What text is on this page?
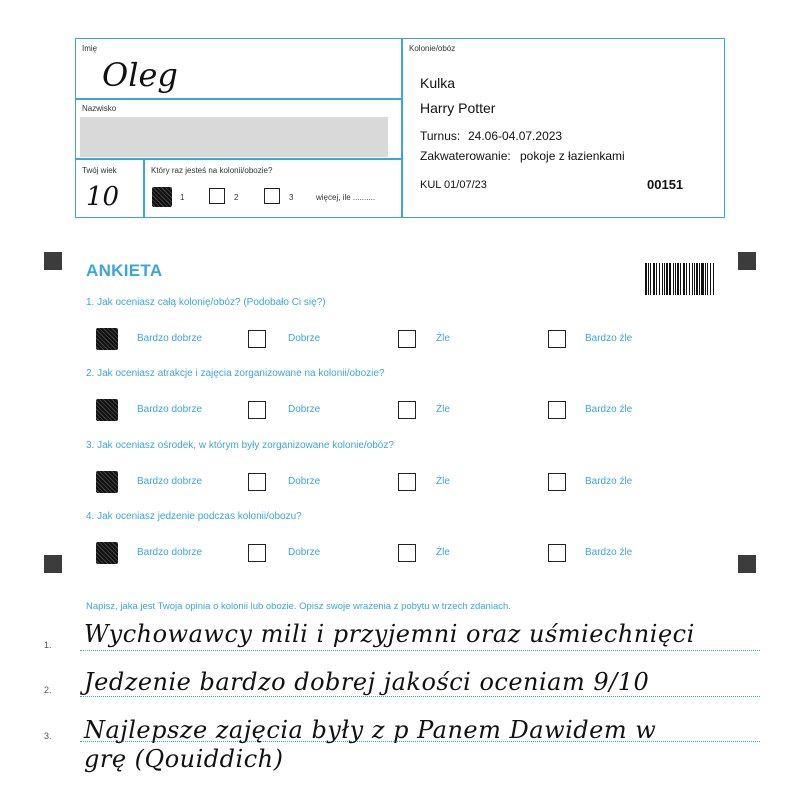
Imię
Oleg
Nazwisko
Twój wiek
10
Który raz jesteś na kolonii/obozie?
1	2	3	więcej, ile ..........
Kolonie/obóz
Kulka
Harry Potter
Turnus: 24.06-04.07.2023
Zakwaterowanie: pokoje z łazienkami
KUL 01/07/23	00151
ANKIETA
1. Jak oceniasz całą kolonię/obóz? (Podobało Ci się?)
Bardzo dobrze	Dobrze	Źle	Bardzo źle
2. Jak oceniasz atrakcje i zajęcia zorganizowane na kolonii/obozie?
Bardzo dobrze	Dobrze	Źle	Bardzo źle
3. Jak oceniasz ośrodek, w którym były zorganizowane kolonie/obóz?
Bardzo dobrze	Dobrze	Źle	Bardzo źle
4. Jak oceniasz jedzenie podczas kolonii/obozu?
Bardzo dobrze	Dobrze	Źle	Bardzo źle
Napisz, jaka jest Twoja opinia o kolonii lub obozie. Opisz swoje wrażenia z pobytu w trzech zdaniach.
1.
2.
3.
Wychowawcy mili i przyjemni oraz uśmiechnięci
Jedzenie bardzo dobrej jakości oceniam 9/10
Najlepsze zajęcia były z p Panem Dawidem w
grę (Qouiddich)
